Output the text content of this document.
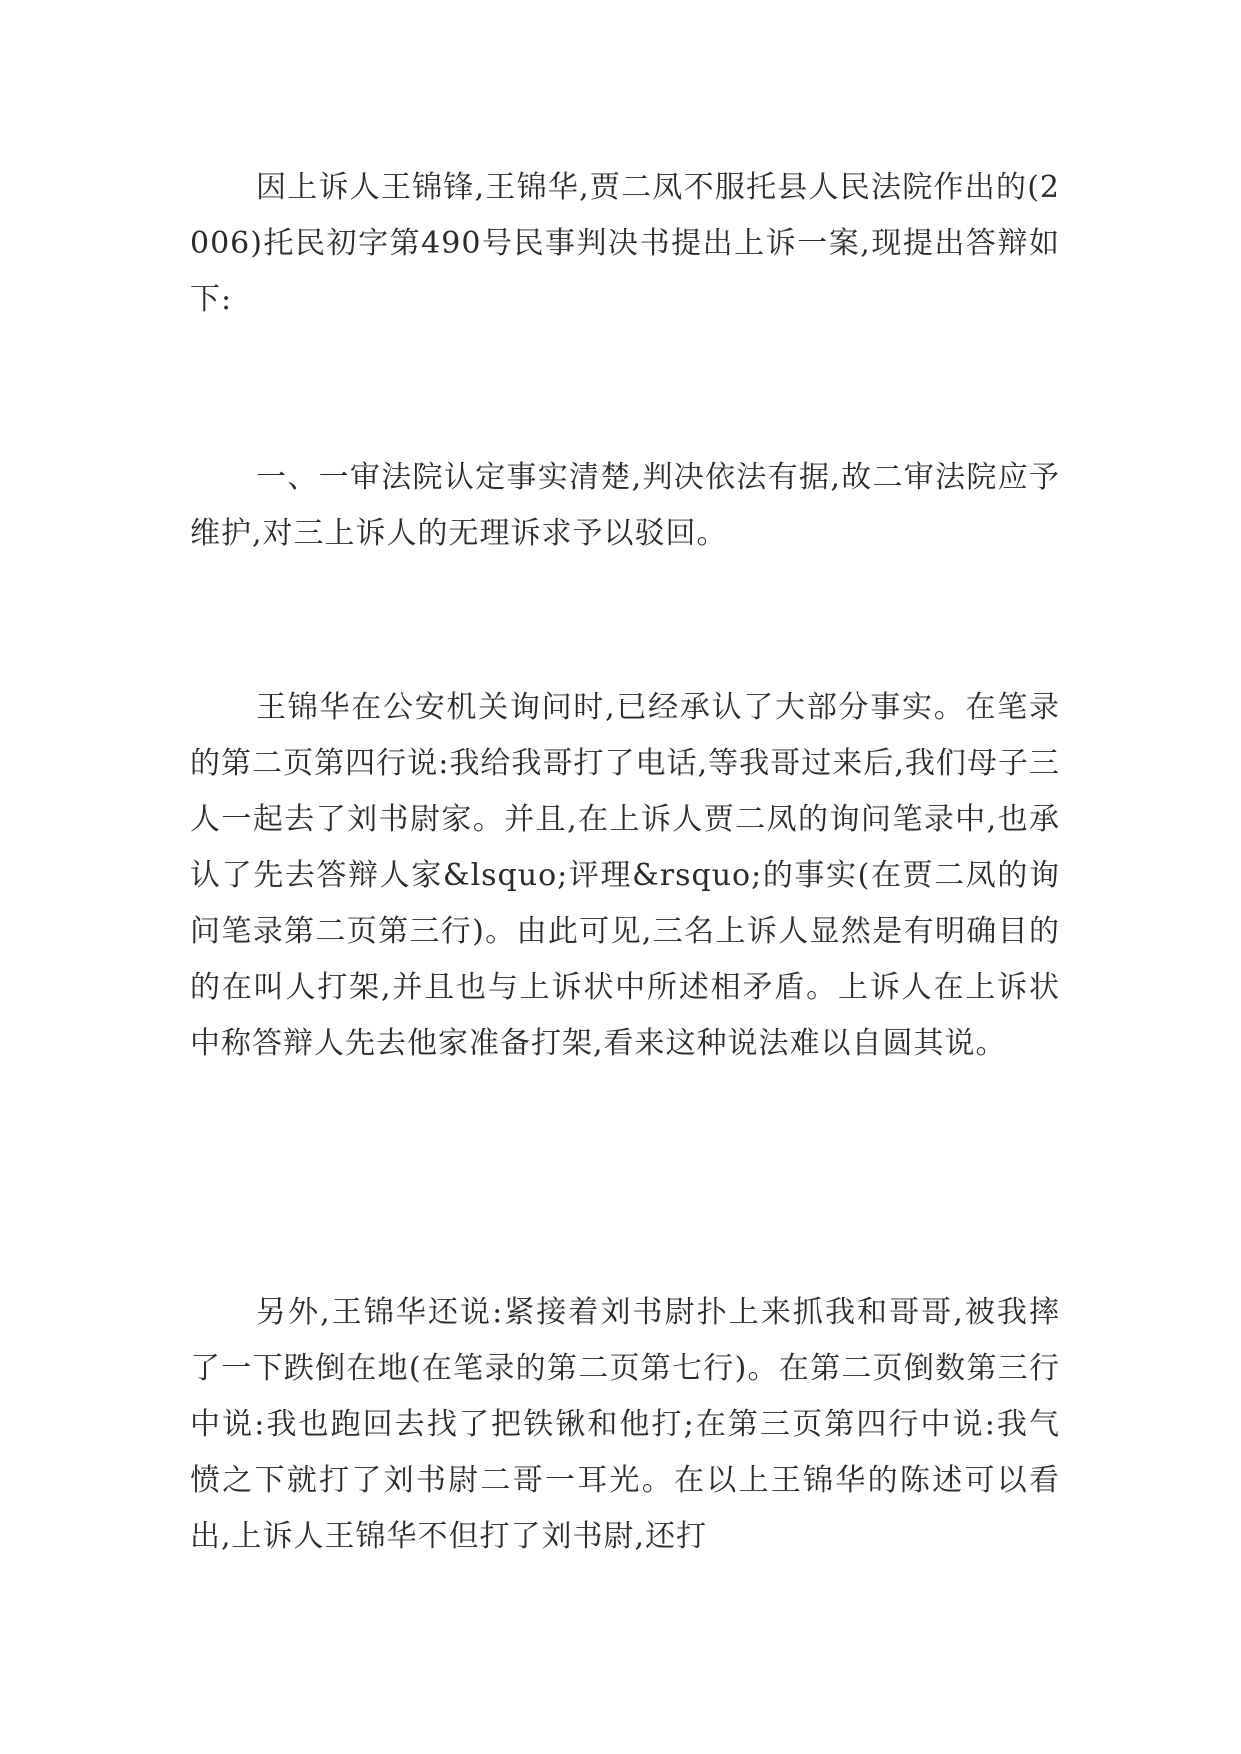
因上诉人王锦锋,王锦华,贾二凤不服托县人民法院作出的(2006)托民初字第490号民事判决书提出上诉一案,现提出答辩如下:

一、一审法院认定事实清楚,判决依法有据,故二审法院应予维护,对三上诉人的无理诉求予以驳回。

王锦华在公安机关询问时,已经承认了大部分事实。在笔录的第二页第四行说:我给我哥打了电话,等我哥过来后,我们母子三人一起去了刘书尉家。并且,在上诉人贾二凤的询问笔录中,也承认了先去答辩人家&lsquo;评理&rsquo;的事实(在贾二凤的询问笔录第二页第三行)。由此可见,三名上诉人显然是有明确目的的在叫人打架,并且也与上诉状中所述相矛盾。上诉人在上诉状中称答辩人先去他家准备打架,看来这种说法难以自圆其说。

另外,王锦华还说:紧接着刘书尉扑上来抓我和哥哥,被我摔了一下跌倒在地(在笔录的第二页第七行)。在第二页倒数第三行中说:我也跑回去找了把铁锹和他打;在第三页第四行中说:我气愤之下就打了刘书尉二哥一耳光。在以上王锦华的陈述可以看出,上诉人王锦华不但打了刘书尉,还打
